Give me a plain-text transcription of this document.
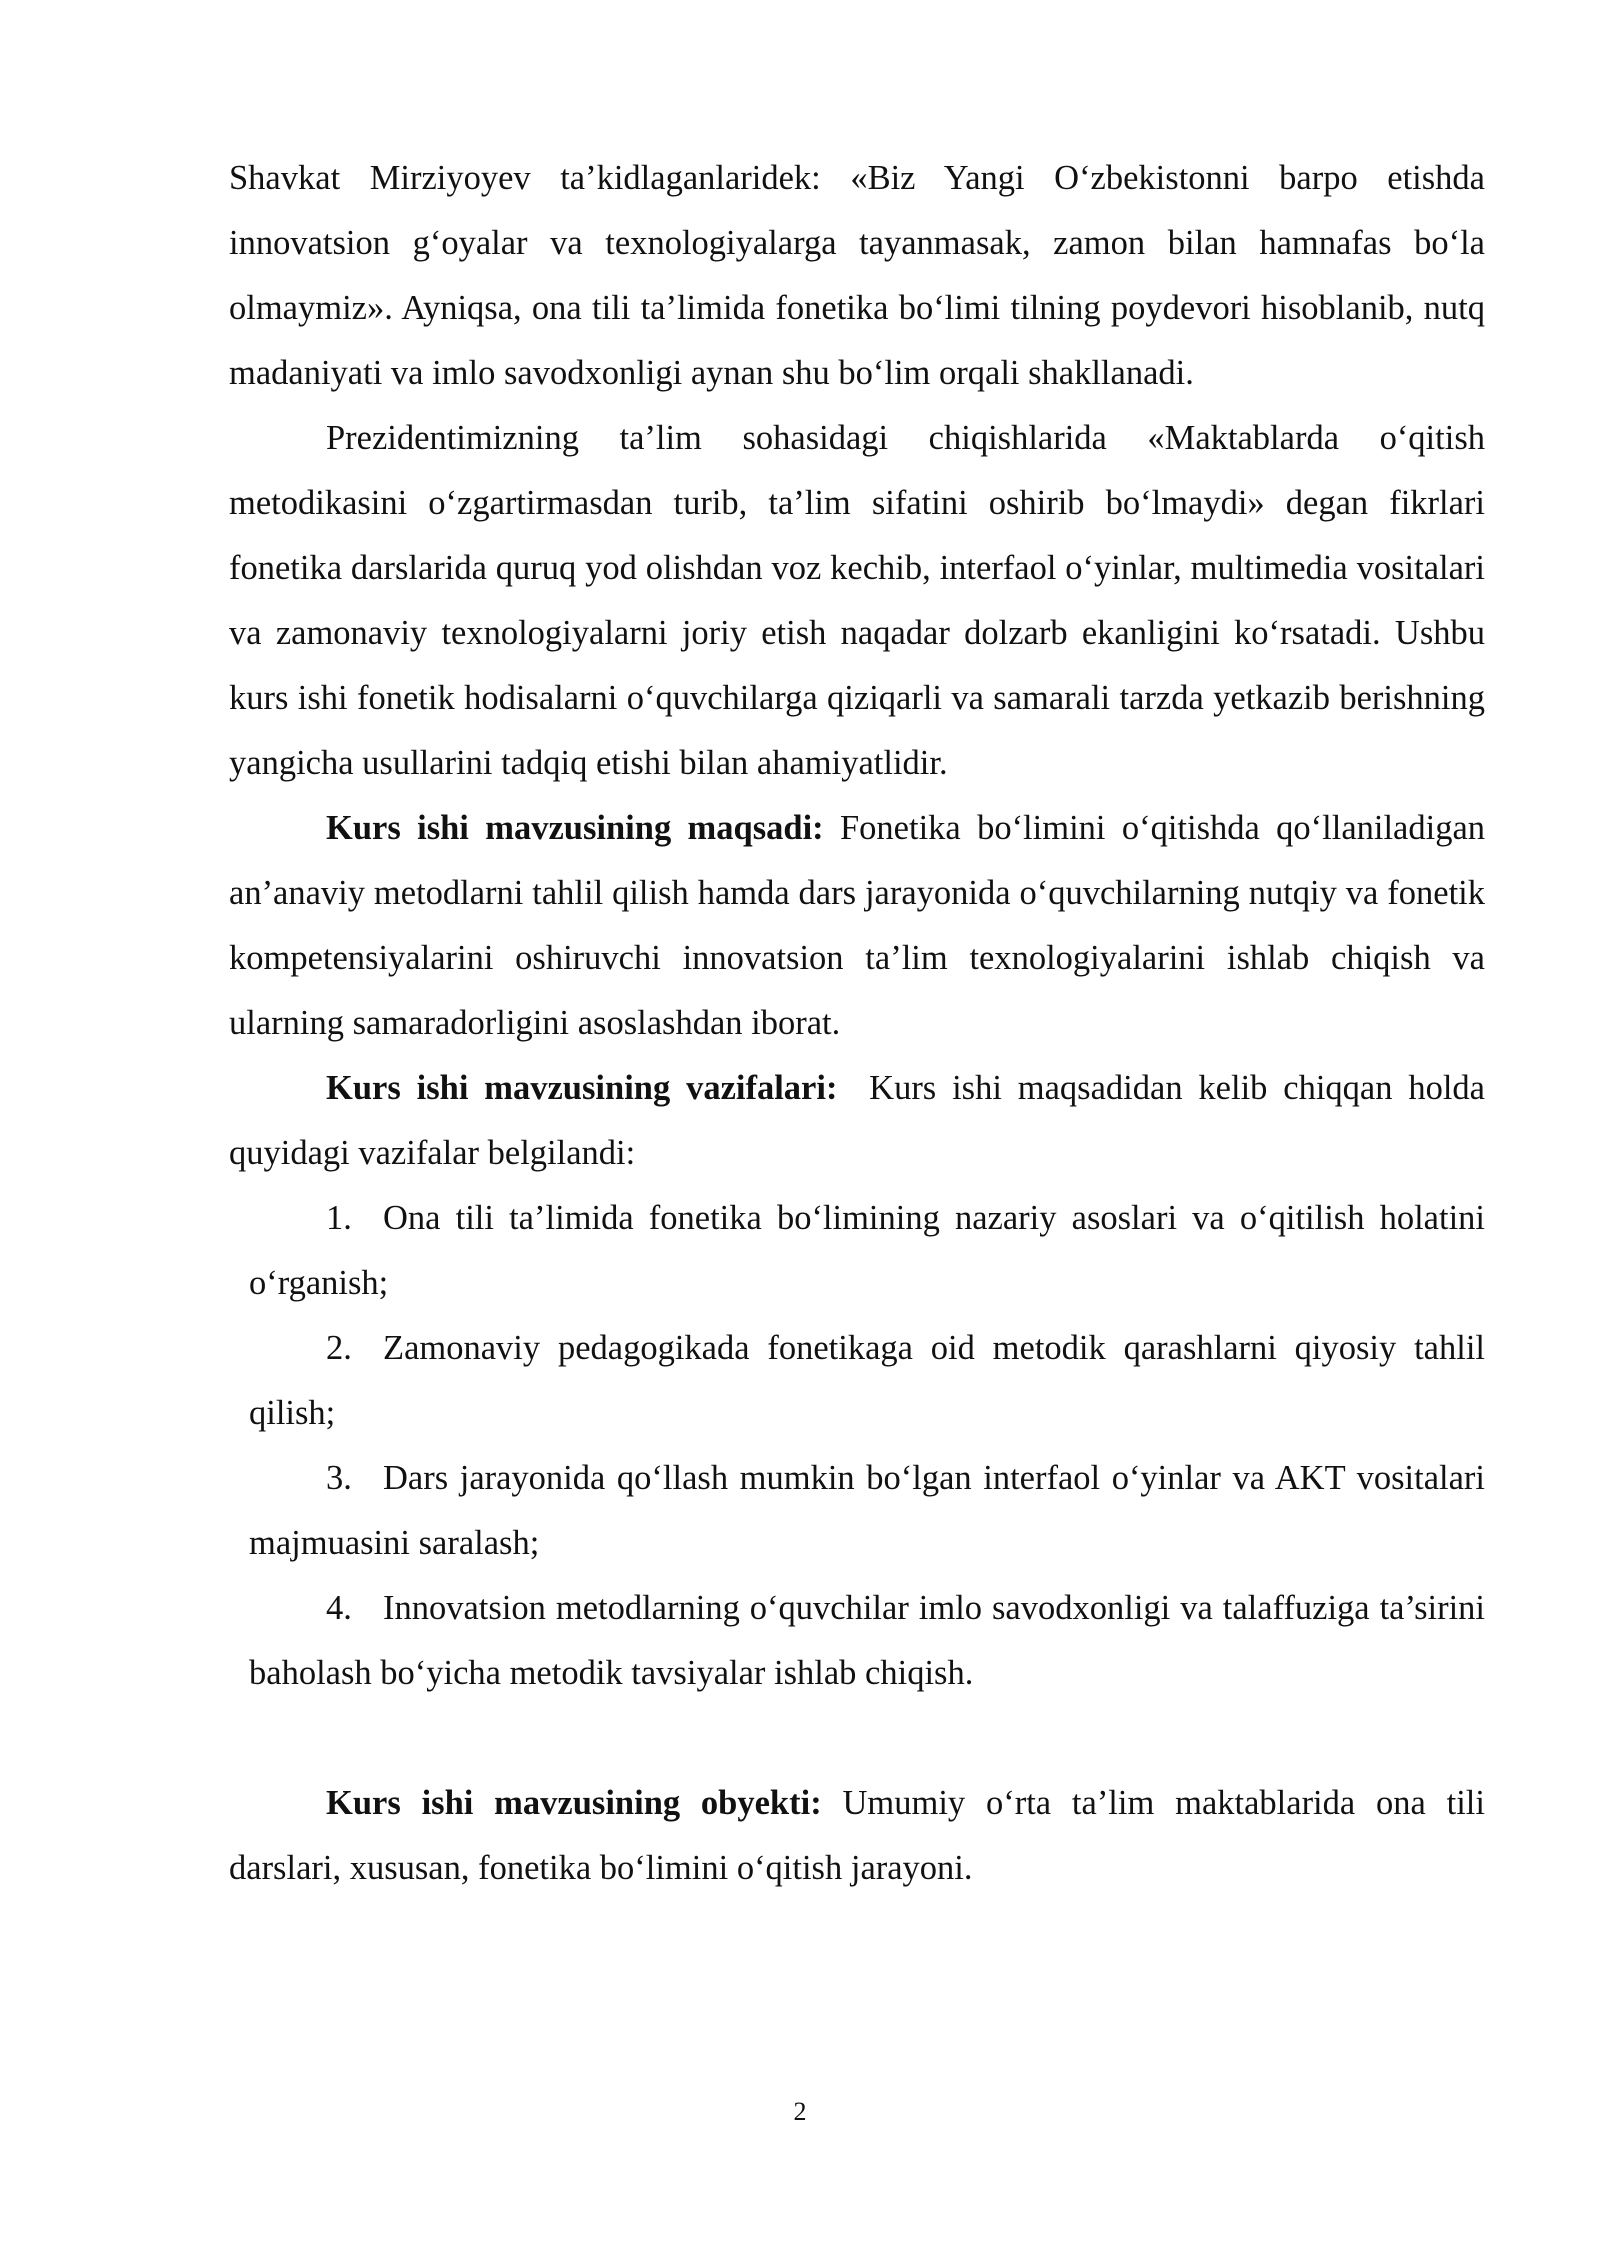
Shavkat Mirziyoyev ta’kidlaganlaridek: «Biz Yangi O‘zbekistonni barpo etishda innovatsion g‘oyalar va texnologiyalarga tayanmasak, zamon bilan hamnafas bo‘la olmaymiz». Ayniqsa, ona tili ta’limida fonetika bo‘limi tilning poydevori hisoblanib, nutq madaniyati va imlo savodxonligi aynan shu bo‘lim orqali shakllanadi.

Prezidentimizning ta’lim sohasidagi chiqishlarida «Maktablarda o‘qitish metodikasini o‘zgartirmasdan turib, ta’lim sifatini oshirib bo‘lmaydi» degan fikrlari fonetika darslarida quruq yod olishdan voz kechib, interfaol o‘yinlar, multimedia vositalari va zamonaviy texnologiyalarni joriy etish naqadar dolzarb ekanligini ko‘rsatadi. Ushbu kurs ishi fonetik hodisalarni o‘quvchilarga qiziqarli va samarali tarzda yetkazib berishning yangicha usullarini tadqiq etishi bilan ahamiyatlidir.

Kurs ishi mavzusining maqsadi: Fonetika bo‘limini o‘qitishda qo‘llaniladigan an’anaviy metodlarni tahlil qilish hamda dars jarayonida o‘quvchilarning nutqiy va fonetik kompetensiyalarini oshiruvchi innovatsion ta’lim texnologiyalarini ishlab chiqish va ularning samaradorligini asoslashdan iborat.

Kurs ishi mavzusining vazifalari:  Kurs ishi maqsadidan kelib chiqqan holda quyidagi vazifalar belgilandi:

1. Ona tili ta’limida fonetika bo‘limining nazariy asoslari va o‘qitilish holatini o‘rganish;

2. Zamonaviy pedagogikada fonetikaga oid metodik qarashlarni qiyosiy tahlil qilish;

3. Dars jarayonida qo‘llash mumkin bo‘lgan interfaol o‘yinlar va AKT vositalari majmuasini saralash;

4. Innovatsion metodlarning o‘quvchilar imlo savodxonligi va talaffuziga ta’sirini baholash bo‘yicha metodik tavsiyalar ishlab chiqish.

Kurs ishi mavzusining obyekti: Umumiy o‘rta ta’lim maktablarida ona tili darslari, xususan, fonetika bo‘limini o‘qitish jarayoni.

2
